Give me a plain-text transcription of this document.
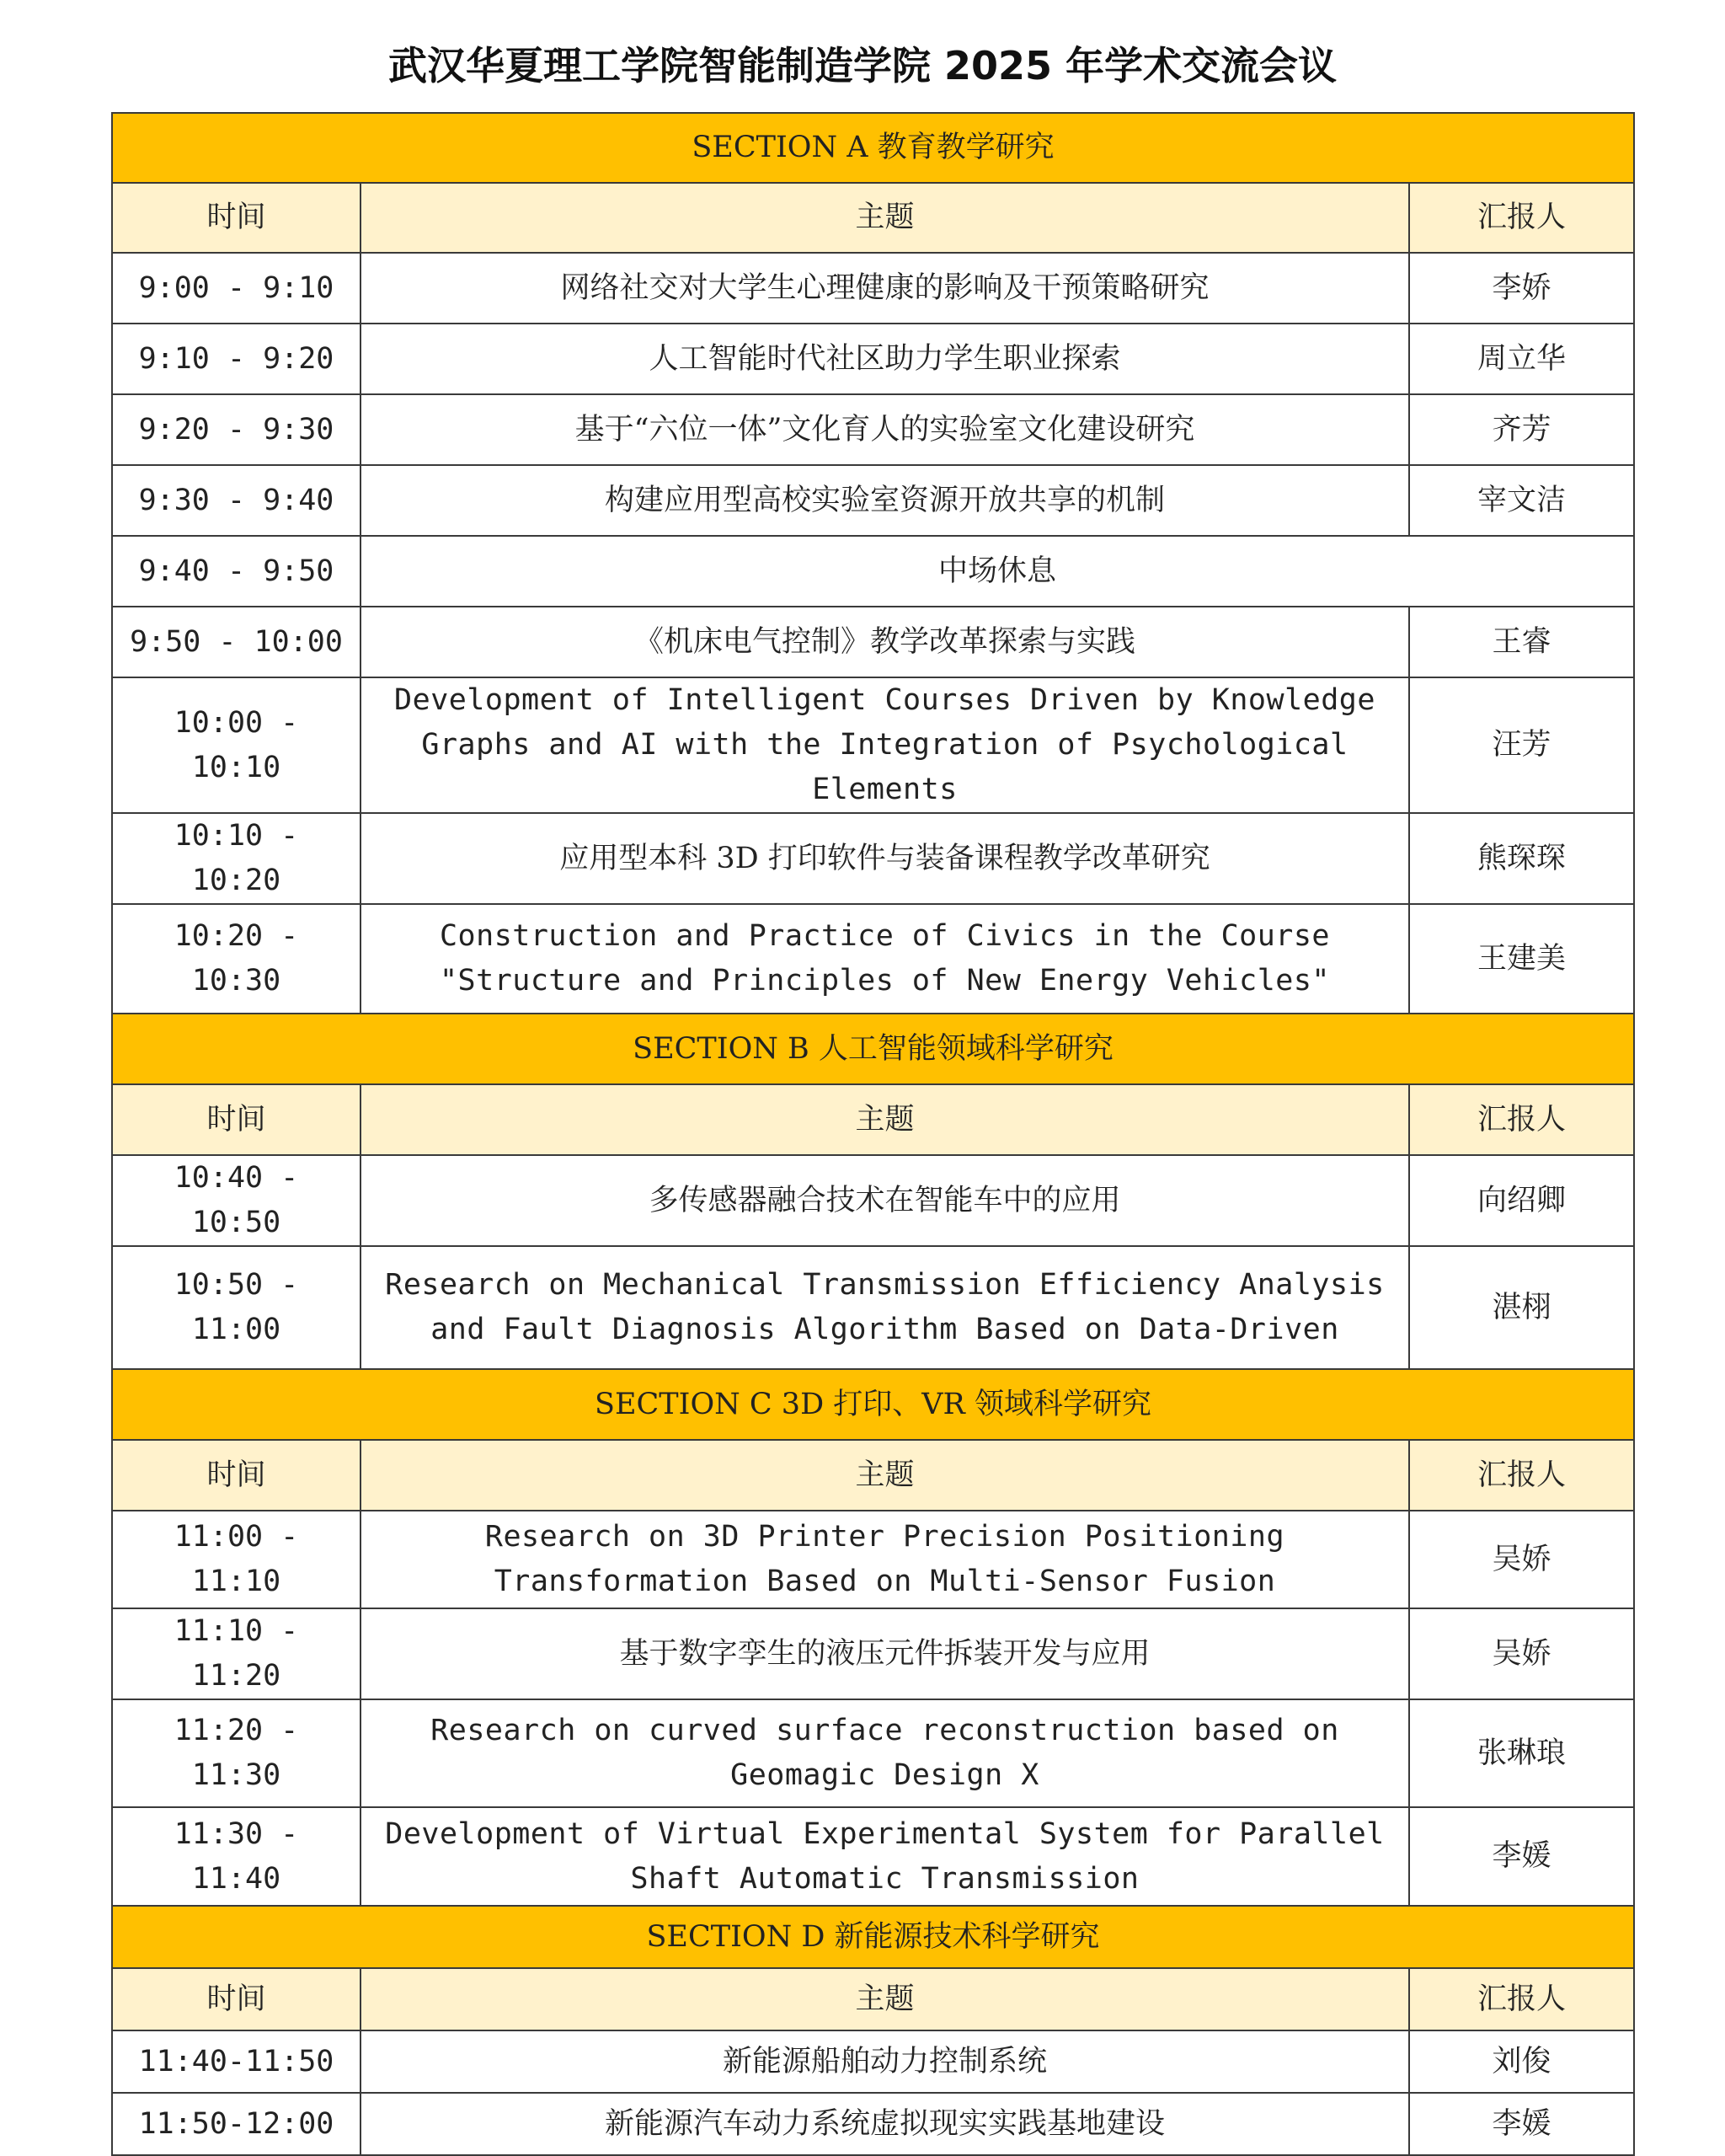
武汉华夏理工学院智能制造学院 2025 年学术交流会议
SECTION A 教育教学研究		
时间	主题	汇报人
9:00 - 9:10	网络社交对大学生心理健康的影响及干预策略研究	李娇
9:10 - 9:20	人工智能时代社区助力学生职业探索	周立华
9:20 - 9:30	基于“六位一体”文化育人的实验室文化建设研究	齐芳
9:30 - 9:40	构建应用型高校实验室资源开放共享的机制	宰文洁
9:40 - 9:50	中场休息	
9:50 - 10:00	《机床电气控制》教学改革探索与实践	王睿
10:00 - 10:10	Development of Intelligent Courses Driven by Knowledge Graphs and AI with the Integration of Psychological Elements	汪芳
10:10 - 10:20	应用型本科 3D 打印软件与装备课程教学改革研究	熊琛琛
10:20 - 10:30	Construction and Practice of Civics in the Course "Structure and Principles of New Energy Vehicles"	王建美
SECTION B 人工智能领域科学研究		
时间	主题	汇报人
10:40 - 10:50	多传感器融合技术在智能车中的应用	向绍卿
10:50 - 11:00	Research on Mechanical Transmission Efficiency Analysis and Fault Diagnosis Algorithm Based on Data-Driven	湛栩
SECTION C 3D 打印、VR 领域科学研究		
时间	主题	汇报人
11:00 - 11:10	Research on 3D Printer Precision Positioning Transformation Based on Multi-Sensor Fusion	吴娇
11:10 - 11:20	基于数字孪生的液压元件拆装开发与应用	吴娇
11:20 - 11:30	Research on curved surface reconstruction based on Geomagic Design X	张琳琅
11:30 - 11:40	Development of Virtual Experimental System for Parallel Shaft Automatic Transmission	李媛
SECTION D 新能源技术科学研究		
时间	主题	汇报人
11:40-11:50	新能源船舶动力控制系统	刘俊
11:50-12:00	新能源汽车动力系统虚拟现实实践基地建设	李媛
